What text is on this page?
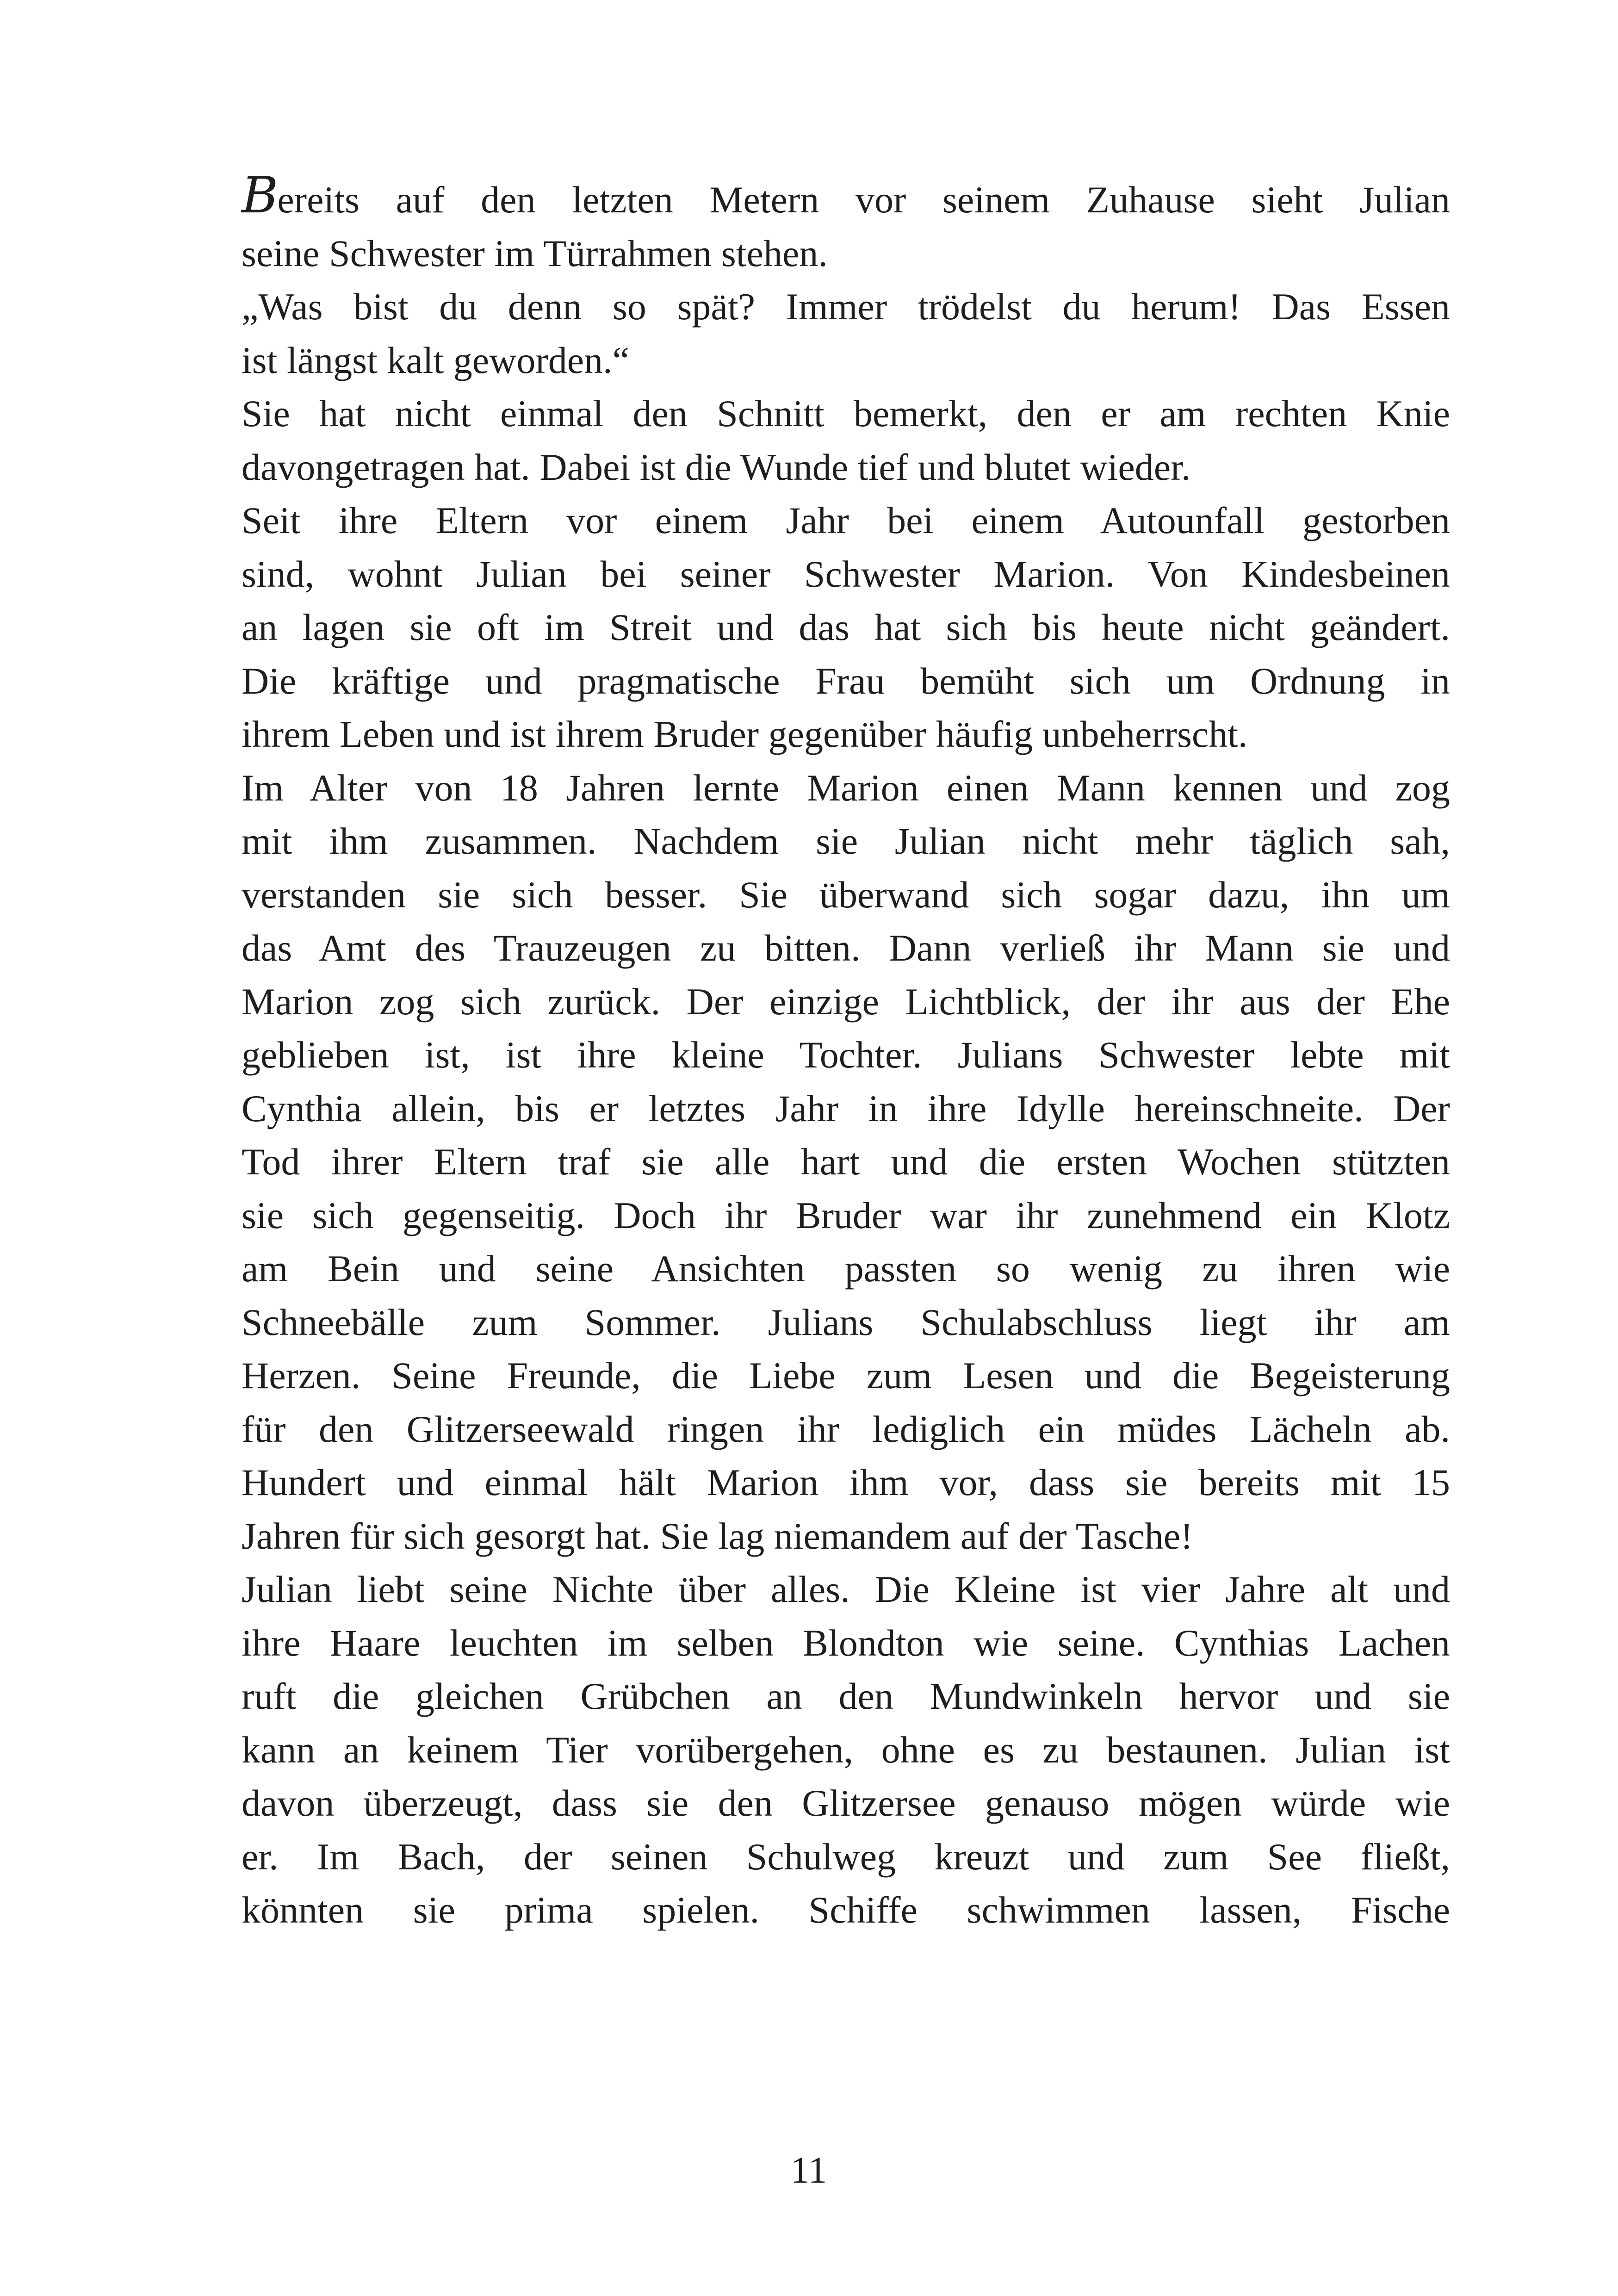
Bereits auf den letzten Metern vor seinem Zuhause sieht Julian
seine Schwester im Türrahmen stehen.
„Was bist du denn so spät? Immer trödelst du herum! Das Essen
ist längst kalt geworden.“
Sie hat nicht einmal den Schnitt bemerkt, den er am rechten Knie
davongetragen hat. Dabei ist die Wunde tief und blutet wieder.
Seit ihre Eltern vor einem Jahr bei einem Autounfall gestorben
sind, wohnt Julian bei seiner Schwester Marion. Von Kindesbeinen
an lagen sie oft im Streit und das hat sich bis heute nicht geändert.
Die kräftige und pragmatische Frau bemüht sich um Ordnung in
ihrem Leben und ist ihrem Bruder gegenüber häufig unbeherrscht.
Im Alter von 18 Jahren lernte Marion einen Mann kennen und zog
mit ihm zusammen. Nachdem sie Julian nicht mehr täglich sah,
verstanden sie sich besser. Sie überwand sich sogar dazu, ihn um
das Amt des Trauzeugen zu bitten. Dann verließ ihr Mann sie und
Marion zog sich zurück. Der einzige Lichtblick, der ihr aus der Ehe
geblieben ist, ist ihre kleine Tochter. Julians Schwester lebte mit
Cynthia allein, bis er letztes Jahr in ihre Idylle hereinschneite. Der
Tod ihrer Eltern traf sie alle hart und die ersten Wochen stützten
sie sich gegenseitig. Doch ihr Bruder war ihr zunehmend ein Klotz
am Bein und seine Ansichten passten so wenig zu ihren wie
Schneebälle zum Sommer. Julians Schulabschluss liegt ihr am
Herzen. Seine Freunde, die Liebe zum Lesen und die Begeisterung
für den Glitzerseewald ringen ihr lediglich ein müdes Lächeln ab.
Hundert und einmal hält Marion ihm vor, dass sie bereits mit 15
Jahren für sich gesorgt hat. Sie lag niemandem auf der Tasche!
Julian liebt seine Nichte über alles. Die Kleine ist vier Jahre alt und
ihre Haare leuchten im selben Blondton wie seine. Cynthias Lachen
ruft die gleichen Grübchen an den Mundwinkeln hervor und sie
kann an keinem Tier vorübergehen, ohne es zu bestaunen. Julian ist
davon überzeugt, dass sie den Glitzersee genauso mögen würde wie
er. Im Bach, der seinen Schulweg kreuzt und zum See fließt,
könnten sie prima spielen. Schiffe schwimmen lassen, Fische
11
